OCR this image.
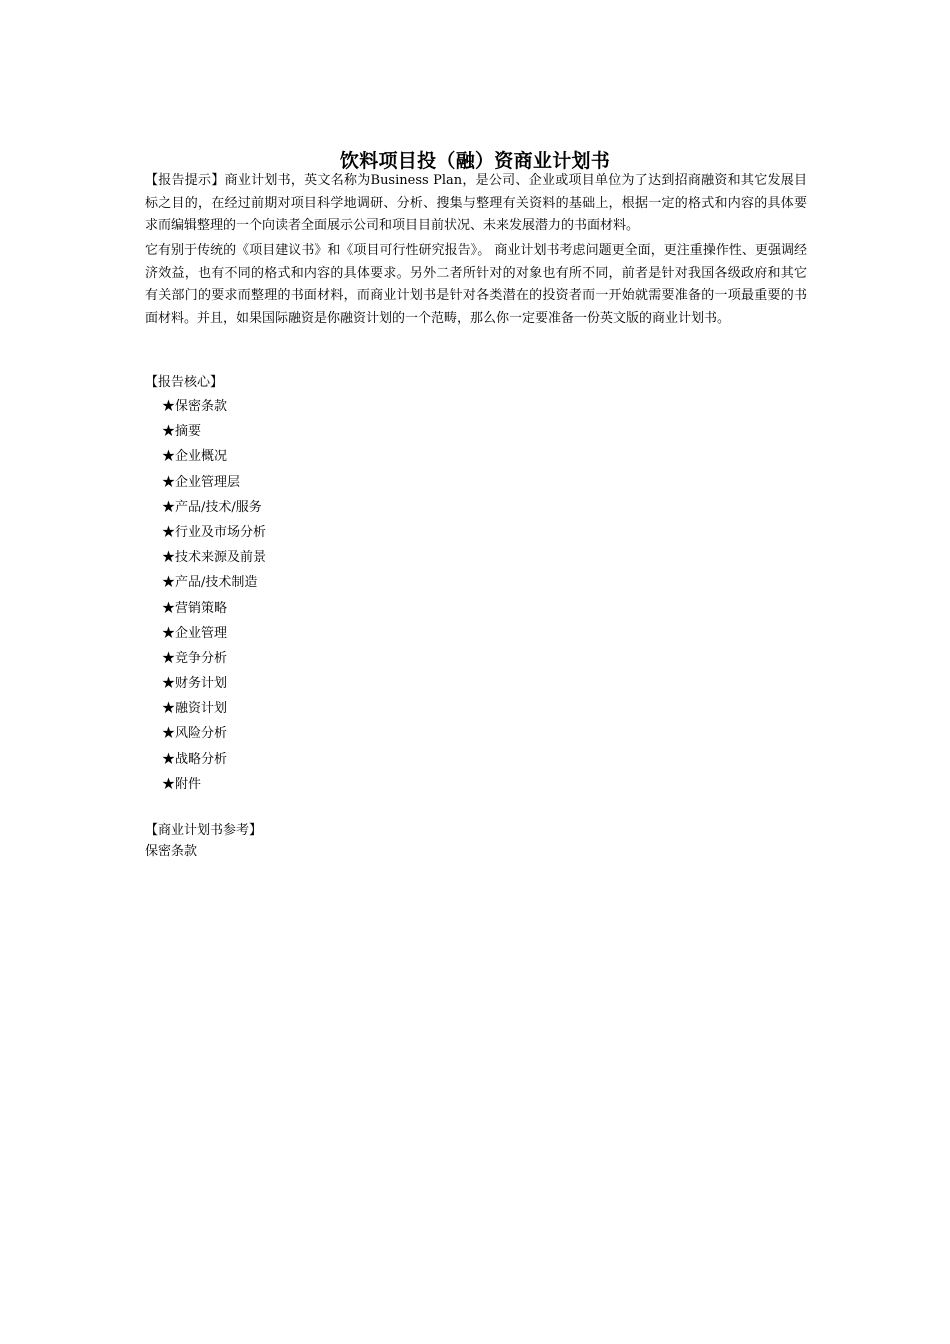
饮料项目投（融）资商业计划书
【报告提示】商业计划书，英文名称为Business Plan，是公司、企业或项目单位为了达到招商融资和其它发展目标之目的，在经过前期对项目科学地调研、分析、搜集与整理有关资料的基础上，根据一定的格式和内容的具体要求而编辑整理的一个向读者全面展示公司和项目目前状况、未来发展潜力的书面材料。
它有别于传统的《项目建议书》和《项目可行性研究报告》。 商业计划书考虑问题更全面，更注重操作性、更强调经济效益，也有不同的格式和内容的具体要求。另外二者所针对的对象也有所不同，前者是针对我国各级政府和其它有关部门的要求而整理的书面材料，而商业计划书是针对各类潜在的投资者而一开始就需要准备的一项最重要的书面材料。并且，如果国际融资是你融资计划的一个范畴，那么你一定要准备一份英文版的商业计划书。
【报告核心】
★保密条款
★摘要
★企业概况
★企业管理层
★产品/技术/服务
★行业及市场分析
★技术来源及前景
★产品/技术制造
★营销策略
★企业管理
★竞争分析
★财务计划
★融资计划
★风险分析
★战略分析
★附件
【商业计划书参考】
保密条款
